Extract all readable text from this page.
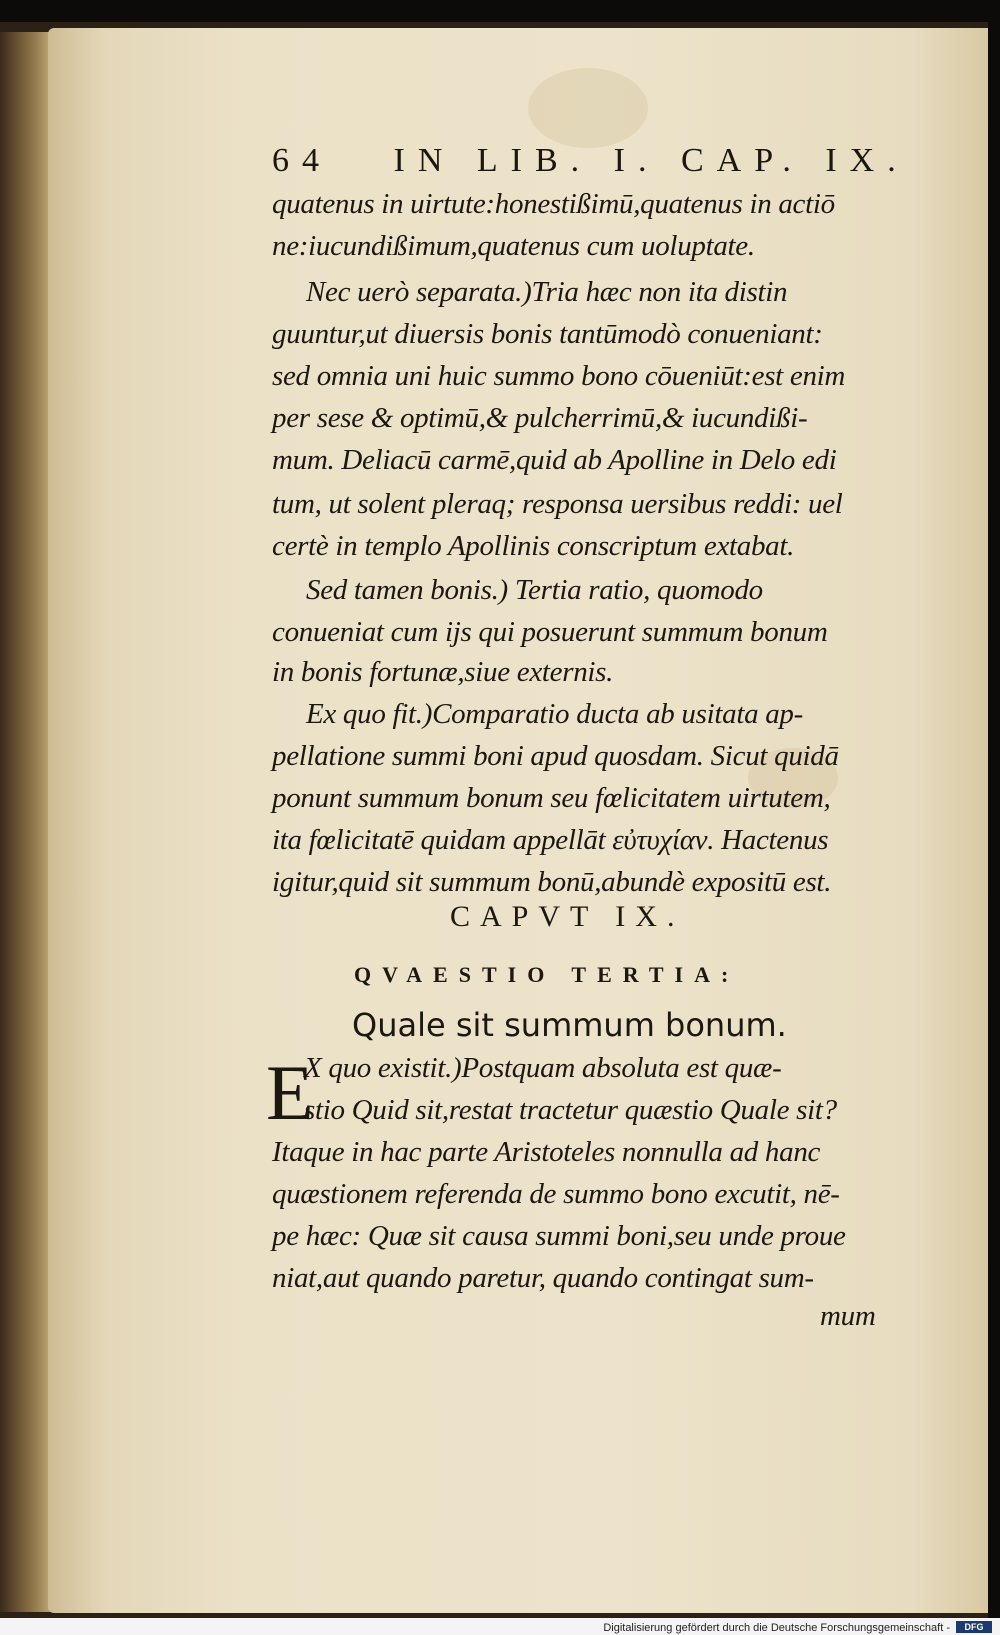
64 IN LIB. I. CAP. IX.
quatenus in uirtute:honestißimū,quatenus in actiō
ne:iucundißimum,quatenus cum uoluptate.
Nec uerò separata.)Tria hæc non ita distin
guuntur,ut diuersis bonis tantūmodò conueniant:
sed omnia uni huic summo bono cōueniūt:est enim
per sese & optimū,& pulcherrimū,& iucundißi-
mum. Deliacū carmē,quid ab Apolline in Delo edi
tum, ut solent pleraq; responsa uersibus reddi: uel
certè in templo Apollinis conscriptum extabat.
Sed tamen bonis.) Tertia ratio, quomodo
conueniat cum ijs qui posuerunt summum bonum
in bonis fortunæ,siue externis.
Ex quo fit.)Comparatio ducta ab usitata ap-
pellatione summi boni apud quosdam. Sicut quidā
ponunt summum bonum seu fœlicitatem uirtutem,
ita fœlicitatē quidam appellāt εὐτυχίαν. Hactenus
igitur,quid sit summum bonū,abundè expositū est.
CAPVT IX.
QVAESTIO TERTIA:
Quale sit summum bonum.
E
X quo existit.)Postquam absoluta est quæ-
stio Quid sit,restat tractetur quæstio Quale sit?
Itaque in hac parte Aristoteles nonnulla ad hanc
quæstionem referenda de summo bono excutit, nē-
pe hæc: Quæ sit causa summi boni,seu unde proue
niat,aut quando paretur, quando contingat sum-
mum
Digitalisierung gefördert durch die Deutsche Forschungsgemeinschaft -	DFG
